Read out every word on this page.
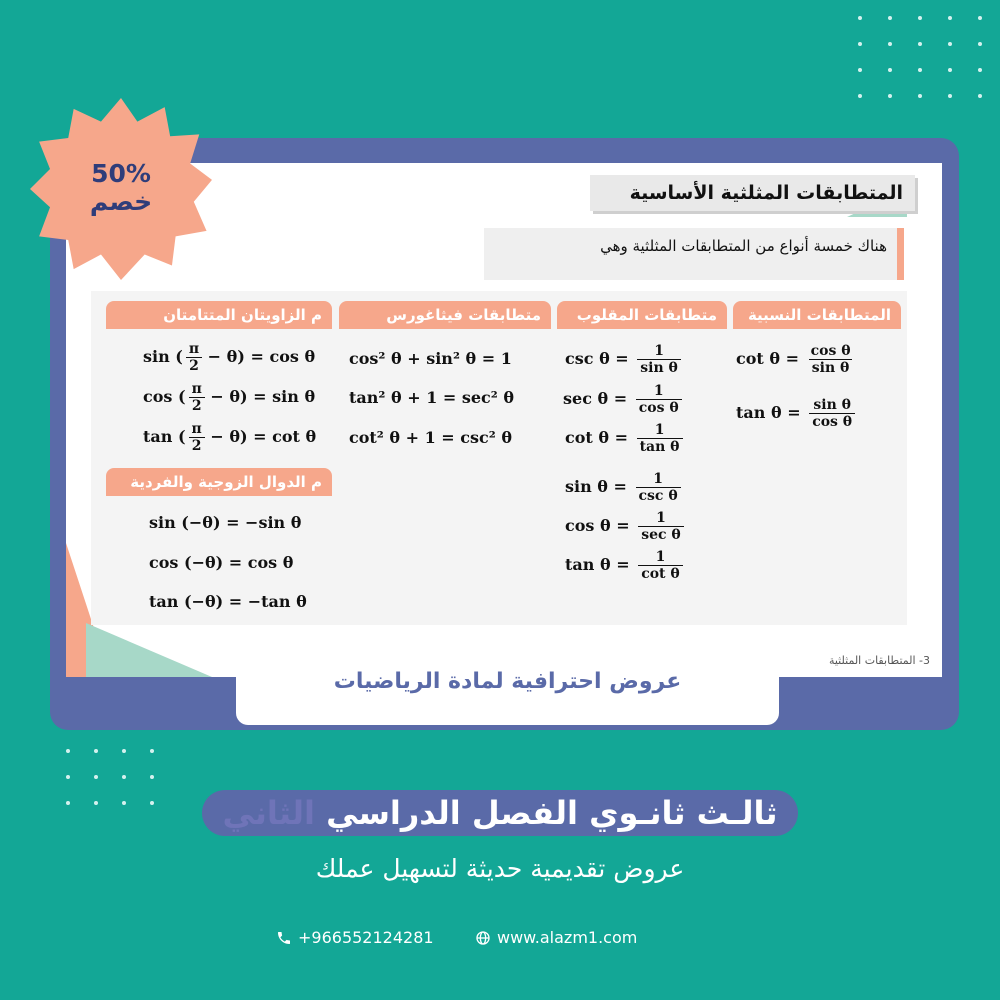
المتطابقات المثلثية الأساسية
هناك خمسة أنواع من المتطابقات المثلثية وهي
المتطابقات النسبية
$\cot \theta = \frac{\text{cos θ}}{\text{sin θ}}$
$\tan \theta = \frac{\text{sin θ}}{\text{cos θ}}$
متطابقات المقلوب
$\csc \theta = \frac{1}{\text{sin θ}}$
$\sec \theta = \frac{1}{\text{cos θ}}$
$\cot \theta = \frac{1}{\text{tan θ}}$
$\sin \theta = \frac{1}{\text{csc θ}}$
$\cos \theta = \frac{1}{\text{sec θ}}$
$\tan \theta = \frac{1}{\text{cot θ}}$
متطابقات فيثاغورس
cos² θ + sin² θ = 1
tan² θ + 1 = sec² θ
cot² θ + 1 = csc² θ
م الزاويتان المتتامتان
sin ( $\frac{\pi}{2} - \theta) = \cos \theta$
cos ( $\frac{\pi}{2} - \theta) = \sin \theta$
tan ( $\frac{\pi}{2} - \theta) = \cot \theta$
م الدوال الزوجية والفردية
sin (−θ) = −sin θ
cos (−θ) = cos θ
tan (−θ) = −tan θ
3- المتطابقات المثلثية
عروض احترافية لمادة الرياضيات
50%
خصم
ثالـث ثانـوي الفصل الدراسي الثاني
عروض تقديمية حديثة لتسهيل عملك
+966552124281	www.alazm1.com
